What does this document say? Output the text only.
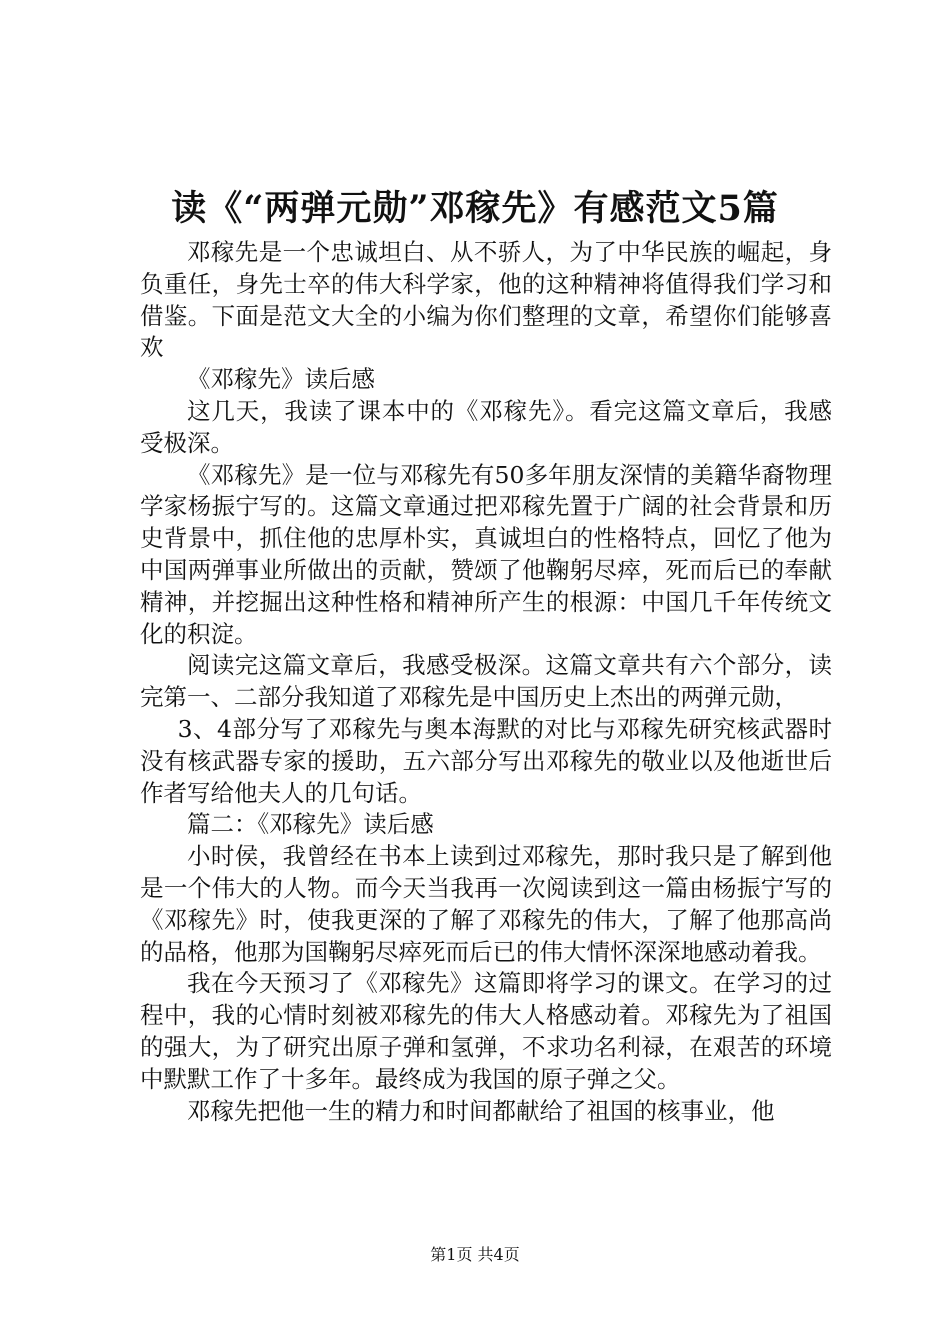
读《“两弹元勋”邓稼先》有感范文5篇

邓稼先是一个忠诚坦白、从不骄人，为了中华民族的崛起，身负重任，身先士卒的伟大科学家，他的这种精神将值得我们学习和借鉴。下面是范文大全的小编为你们整理的文章，希望你们能够喜欢

《邓稼先》读后感

这几天，我读了课本中的《邓稼先》。看完这篇文章后，我感受极深。

《邓稼先》是一位与邓稼先有50多年朋友深情的美籍华裔物理学家杨振宁写的。这篇文章通过把邓稼先置于广阔的社会背景和历史背景中，抓住他的忠厚朴实，真诚坦白的性格特点，回忆了他为中国两弹事业所做出的贡献，赞颂了他鞠躬尽瘁，死而后已的奉献精神，并挖掘出这种性格和精神所产生的根源：中国几千年传统文化的积淀。

阅读完这篇文章后，我感受极深。这篇文章共有六个部分，读完第一、二部分我知道了邓稼先是中国历史上杰出的两弹元勋，

3、4部分写了邓稼先与奥本海默的对比与邓稼先研究核武器时没有核武器专家的援助，五六部分写出邓稼先的敬业以及他逝世后作者写给他夫人的几句话。

篇二：《邓稼先》读后感

小时侯，我曾经在书本上读到过邓稼先，那时我只是了解到他是一个伟大的人物。而今天当我再一次阅读到这一篇由杨振宁写的《邓稼先》时，使我更深的了解了邓稼先的伟大，了解了他那高尚的品格，他那为国鞠躬尽瘁死而后已的伟大情怀深深地感动着我。

我在今天预习了《邓稼先》这篇即将学习的课文。在学习的过程中，我的心情时刻被邓稼先的伟大人格感动着。邓稼先为了祖国的强大，为了研究出原子弹和氢弹，不求功名利禄，在艰苦的环境中默默工作了十多年。最终成为我国的原子弹之父。

邓稼先把他一生的精力和时间都献给了祖国的核事业，他

第1页 共4页
